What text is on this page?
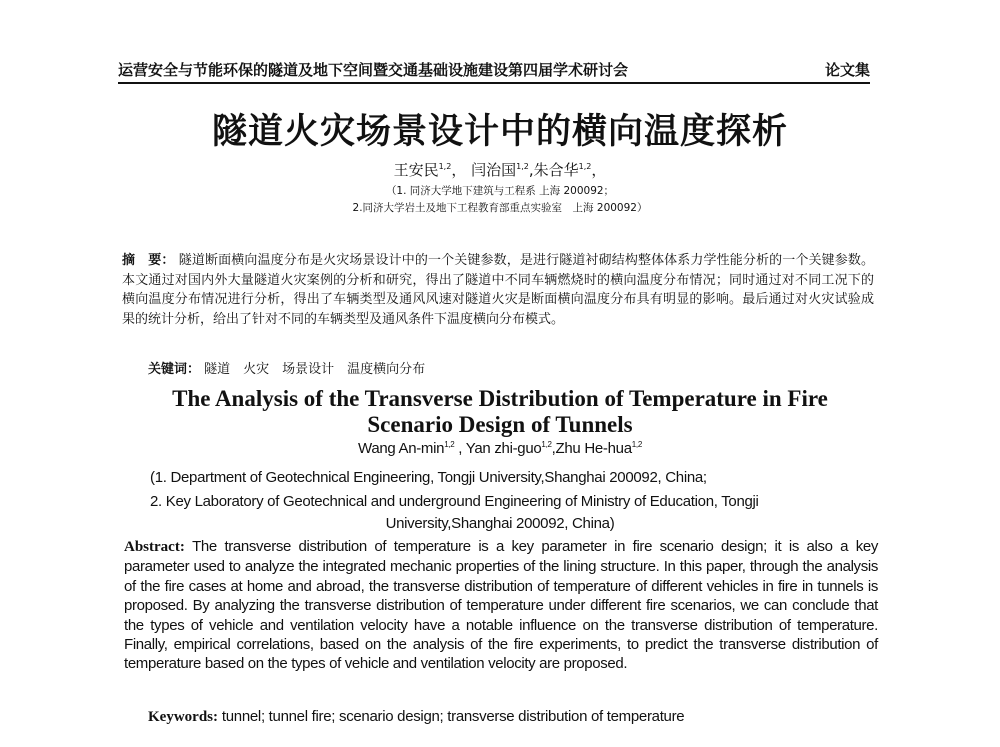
运营安全与节能环保的隧道及地下空间暨交通基础设施建设第四届学术研讨会	论文集
隧道火灾场景设计中的横向温度探析
王安民$^{1,2}$， 闫治国$^{1,2}$,朱合华$^{1,2}$，
（1. 同济大学地下建筑与工程系 上海 200092；
2.同济大学岩土及地下工程教育部重点实验室　上海 200092）
摘　要： 隧道断面横向温度分布是火灾场景设计中的一个关键参数，是进行隧道衬砌结构整体体系力学性能分析的一个关键参数。本文通过对国内外大量隧道火灾案例的分析和研究，得出了隧道中不同车辆燃烧时的横向温度分布情况；同时通过对不同工况下的横向温度分布情况进行分析，得出了车辆类型及通风风速对隧道火灾是断面横向温度分布具有明显的影响。最后通过对火灾试验成果的统计分析，给出了针对不同的车辆类型及通风条件下温度横向分布模式。
关键词： 隧道　火灾　场景设计　温度横向分布
The Analysis of the Transverse Distribution of Temperature in Fire
Scenario Design of Tunnels
Wang $An-\min^{1,2}$ , Yan zhi-guo$^{1,2}$,Zhu He-hua$^{1,2}$
(1. Department of Geotechnical Engineering, Tongji University,Shanghai 200092, China;
2. Key Laboratory of Geotechnical and underground Engineering of Ministry of Education, Tongji
University,Shanghai 200092, China)
Abstract: The transverse distribution of temperature is a key parameter in fire scenario design; it is also a key parameter used to analyze the integrated mechanic properties of the lining structure. In this paper, through the analysis of the fire cases at home and abroad, the transverse distribution of temperature of different vehicles in fire in tunnels is proposed. By analyzing the transverse distribution of temperature under different fire scenarios, we can conclude that the types of vehicle and ventilation velocity have a notable influence on the transverse distribution of temperature. Finally, empirical correlations, based on the analysis of the fire experiments, to predict the transverse distribution of temperature based on the types of vehicle and ventilation velocity are proposed.
Keywords: tunnel; tunnel fire; scenario design; transverse distribution of temperature
